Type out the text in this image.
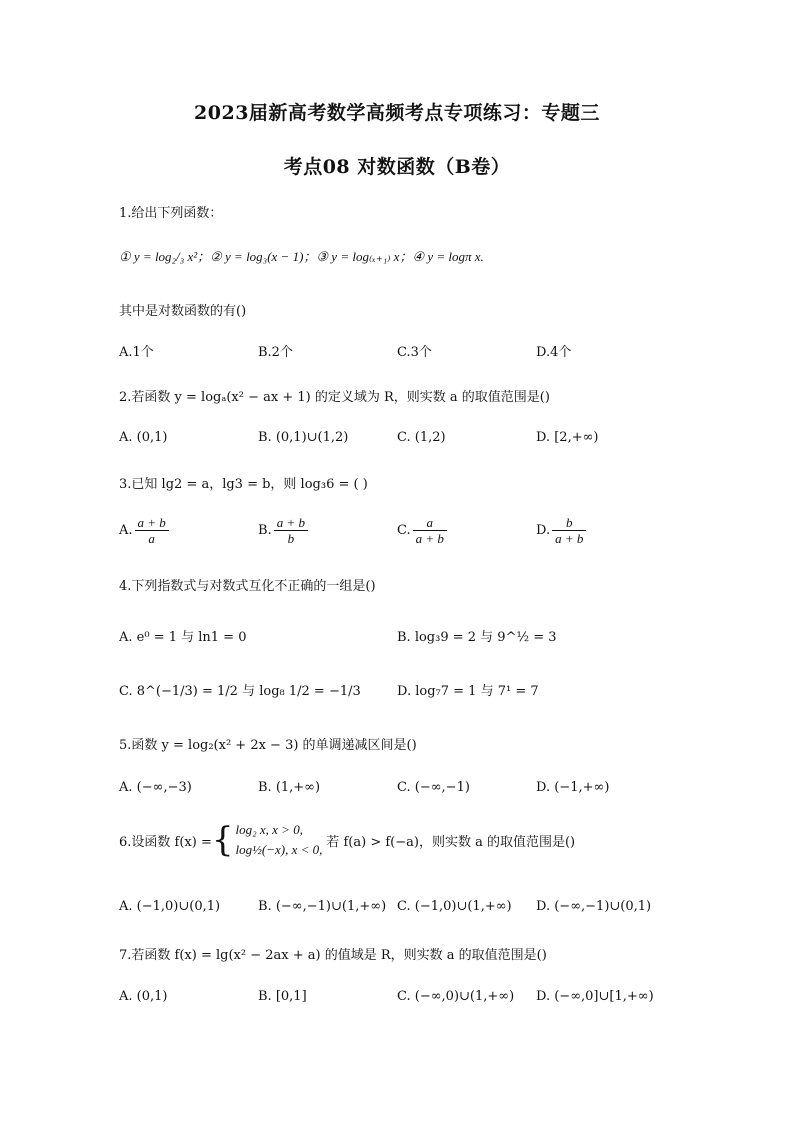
2023届新高考数学高频考点专项练习：专题三
考点08 对数函数（B卷）
1.给出下列函数：
① y = log₂/₃ x²；② y = log₃(x − 1)；③ y = log₍ₓ₊₁₎ x；④ y = logπ x.
其中是对数函数的有()
A.1个	B.2个	C.3个	D.4个
2.若函数 y = logₐ(x² − ax + 1) 的定义域为 R，则实数 a 的取值范围是()
A. (0,1)	B. (0,1)∪(1,2)	C. (1,2)	D. [2,+∞)
3.已知 lg2 = a，lg3 = b，则 log₃6 = ( )
A. $\frac{a + b}{a}$	B. $\frac{a + b}{b}$	C. $\frac{a}{a + b}$	D. $\frac{b}{a + b}$
4.下列指数式与对数式互化不正确的一组是()
A. e⁰ = 1 与 ln1 = 0	B. log₃9 = 2 与 9^½ = 3
C. 8^(−1/3) = 1/2 与 log₈ 1/2 = −1/3	D. log₇7 = 1 与 7¹ = 7
5.函数 y = log₂(x² + 2x − 3) 的单调递减区间是()
A. (−∞,−3)	B. (1,+∞)	C. (−∞,−1)	D. (−1,+∞)
6.设函数 f(x) = { log₂ x, x > 0,
log½(−x), x < 0, 若 f(a) > f(−a)，则实数 a 的取值范围是()
A. (−1,0)∪(0,1)	B. (−∞,−1)∪(1,+∞) C. (−1,0)∪(1,+∞) D. (−∞,−1)∪(0,1)
7.若函数 f(x) = lg(x² − 2ax + a) 的值域是 R，则实数 a 的取值范围是()
A. (0,1)	B. [0,1]	C. (−∞,0)∪(1,+∞) D. (−∞,0]∪[1,+∞)
